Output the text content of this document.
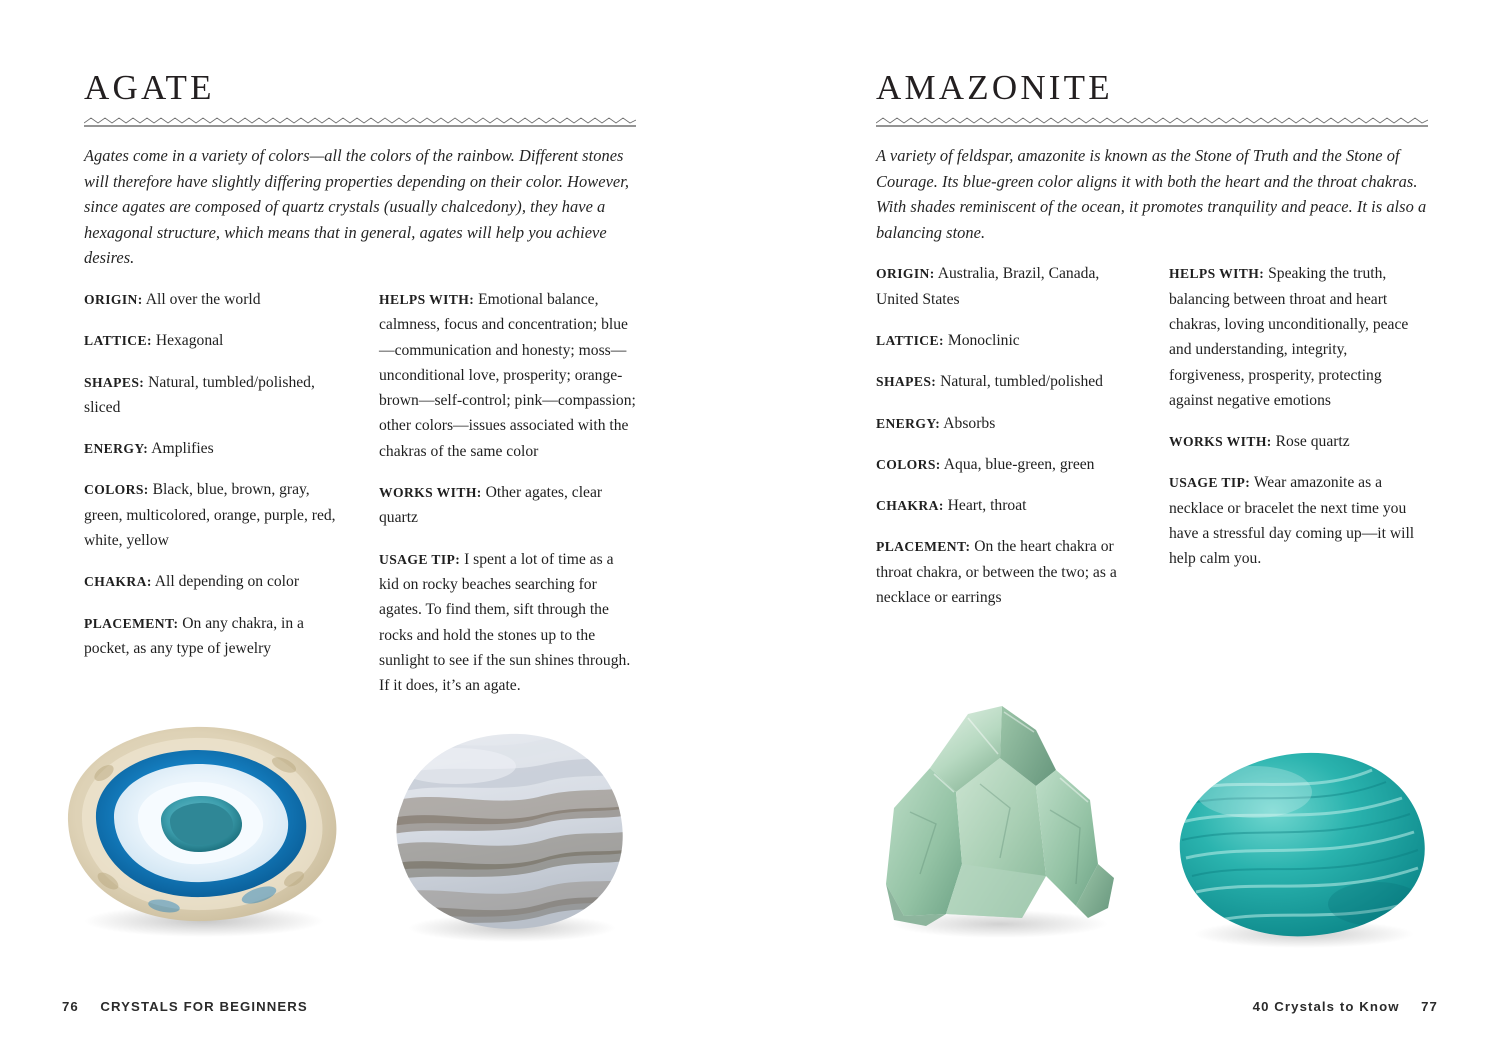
AGATE

Agates come in a variety of colors—all the colors of the rainbow. Different stones will therefore have slightly differing properties depending on their color. However, since agates are composed of quartz crystals (usually chalcedony), they have a hexagonal structure, which means that in general, agates will help you achieve desires.

ORIGIN: All over the world

LATTICE: Hexagonal

SHAPES: Natural, tumbled/polished, sliced

ENERGY: Amplifies

COLORS: Black, blue, brown, gray, green, multicolored, orange, purple, red, white, yellow

CHAKRA: All depending on color

PLACEMENT: On any chakra, in a pocket, as any type of jewelry

HELPS WITH: Emotional balance, calmness, focus and concentration; blue—communication and honesty; moss—unconditional love, prosperity; orange-brown—self-control; pink—compassion; other colors—issues associated with the chakras of the same color

WORKS WITH: Other agates, clear quartz

USAGE TIP: I spent a lot of time as a kid on rocky beaches searching for agates. To find them, sift through the rocks and hold the stones up to the sunlight to see if the sun shines through. If it does, it’s an agate.

76 CRYSTALS FOR BEGINNERS
AMAZONITE

A variety of feldspar, amazonite is known as the Stone of Truth and the Stone of Courage. Its blue-green color aligns it with both the heart and the throat chakras. With shades reminiscent of the ocean, it promotes tranquility and peace. It is also a balancing stone.

ORIGIN: Australia, Brazil, Canada, United States

LATTICE: Monoclinic

SHAPES: Natural, tumbled/polished

ENERGY: Absorbs

COLORS: Aqua, blue-green, green

CHAKRA: Heart, throat

PLACEMENT: On the heart chakra or throat chakra, or between the two; as a necklace or earrings

HELPS WITH: Speaking the truth, balancing between throat and heart chakras, loving unconditionally, peace and understanding, integrity, forgiveness, prosperity, protecting against negative emotions

WORKS WITH: Rose quartz

USAGE TIP: Wear amazonite as a necklace or bracelet the next time you have a stressful day coming up—it will help calm you.

40 Crystals to Know 77
